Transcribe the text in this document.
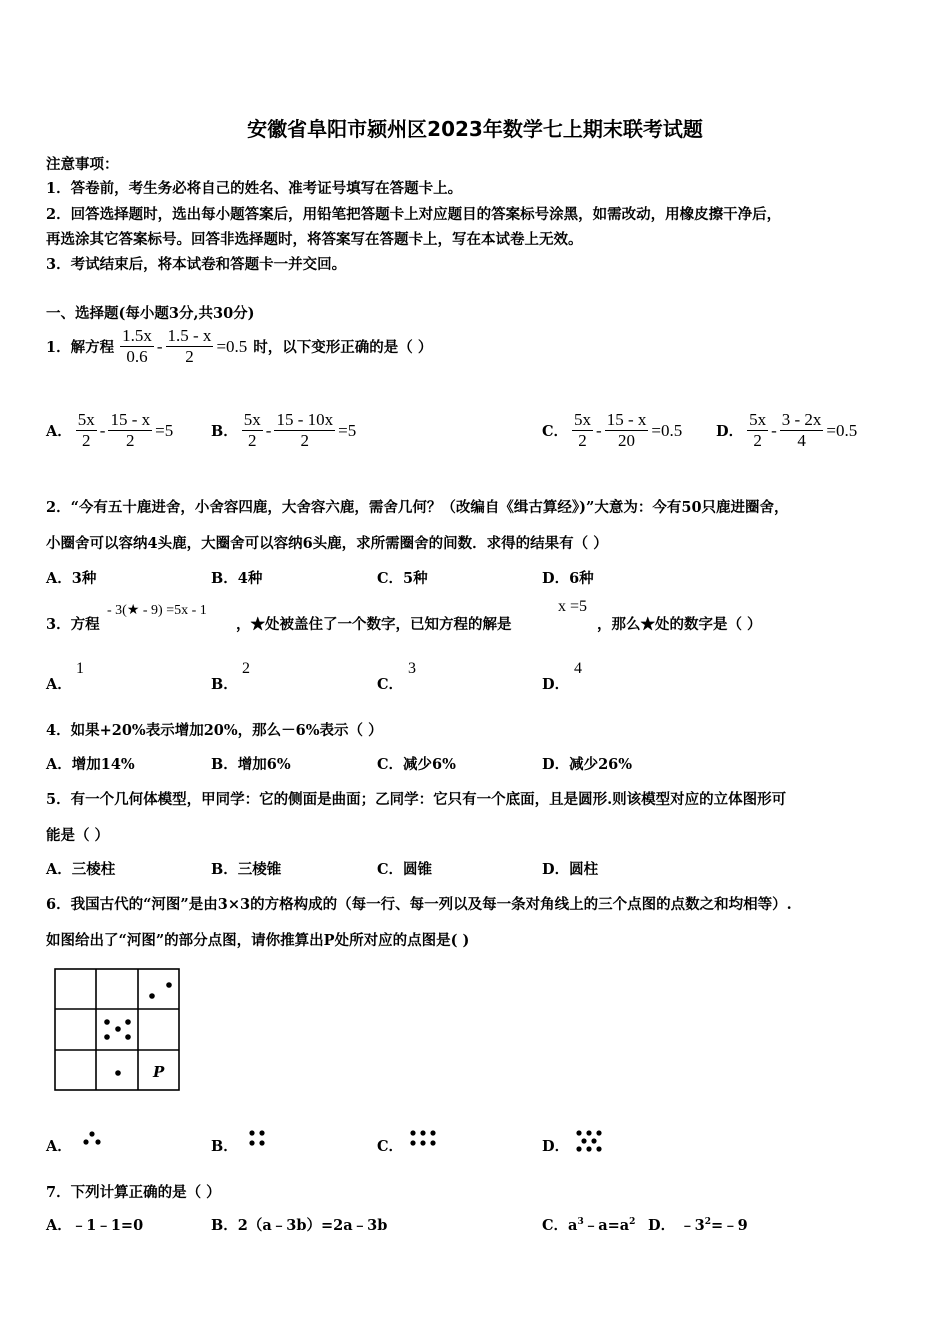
安徽省阜阳市颍州区2023年数学七上期末联考试题
注意事项：
1．答卷前，考生务必将自己的姓名、准考证号填写在答题卡上。
2．回答选择题时，选出每小题答案后，用铅笔把答题卡上对应题目的答案标号涂黑，如需改动，用橡皮擦干净后，
再选涂其它答案标号。回答非选择题时，将答案写在答题卡上，写在本试卷上无效。
3．考试结束后，将本试卷和答题卡一并交回。
一、选择题(每小题3分,共30分)
1．解方程 $\frac{1.5x}{0.6} - \frac{1.5 - x}{2} =0.5$ 时，以下变形正确的是（ ）
A． $\frac{5x}{2} - \frac{15 - x}{2} =5$	B． $\frac{5x}{2} - \frac{15 - 10x}{2} =5$	C． $\frac{5x}{2} - \frac{15 - x}{20} =0.5$ D． $\frac{5x}{2} - \frac{3 - 2x}{4} =0.5$
2．“今有五十鹿进舍，小舍容四鹿，大舍容六鹿，需舍几何？（改编自《缉古算经》)”大意为：今有50只鹿进圈舍，
小圈舍可以容纳4头鹿，大圈舍可以容纳6头鹿，求所需圈舍的间数．求得的结果有（ ）
A．3种	B．4种	C．5种	D．6种
3．方程
- 3(★ - 9) =5x - 1
，★处被盖住了一个数字，已知方程的解是
x =5
，那么★处的数字是（ ）
A．
1
B．
2
C．
3
D．
4
4．如果+20%表示增加20%，那么－6%表示（ ）
A．增加14%	B．增加6%	C．减少6%	D．减少26%
5．有一个几何体模型，甲同学：它的侧面是曲面；乙同学：它只有一个底面，且是圆形.则该模型对应的立体图形可
能是（ ）
A．三棱柱	B．三棱锥	C．圆锥	D．圆柱
6．我国古代的“河图”是由3×3的方格构成的（每一行、每一列以及每一条对角线上的三个点图的点数之和均相等）.
如图给出了“河图”的部分点图，请你推算出P处所对应的点图是( )
P
A．	B．	C．	D．
7．下列计算正确的是（ ）
A．﹣1﹣1=0	B．2（a﹣3b）=2a﹣3b	C．$a^3﹣a=a^2$ D． $﹣3^2=﹣9$
